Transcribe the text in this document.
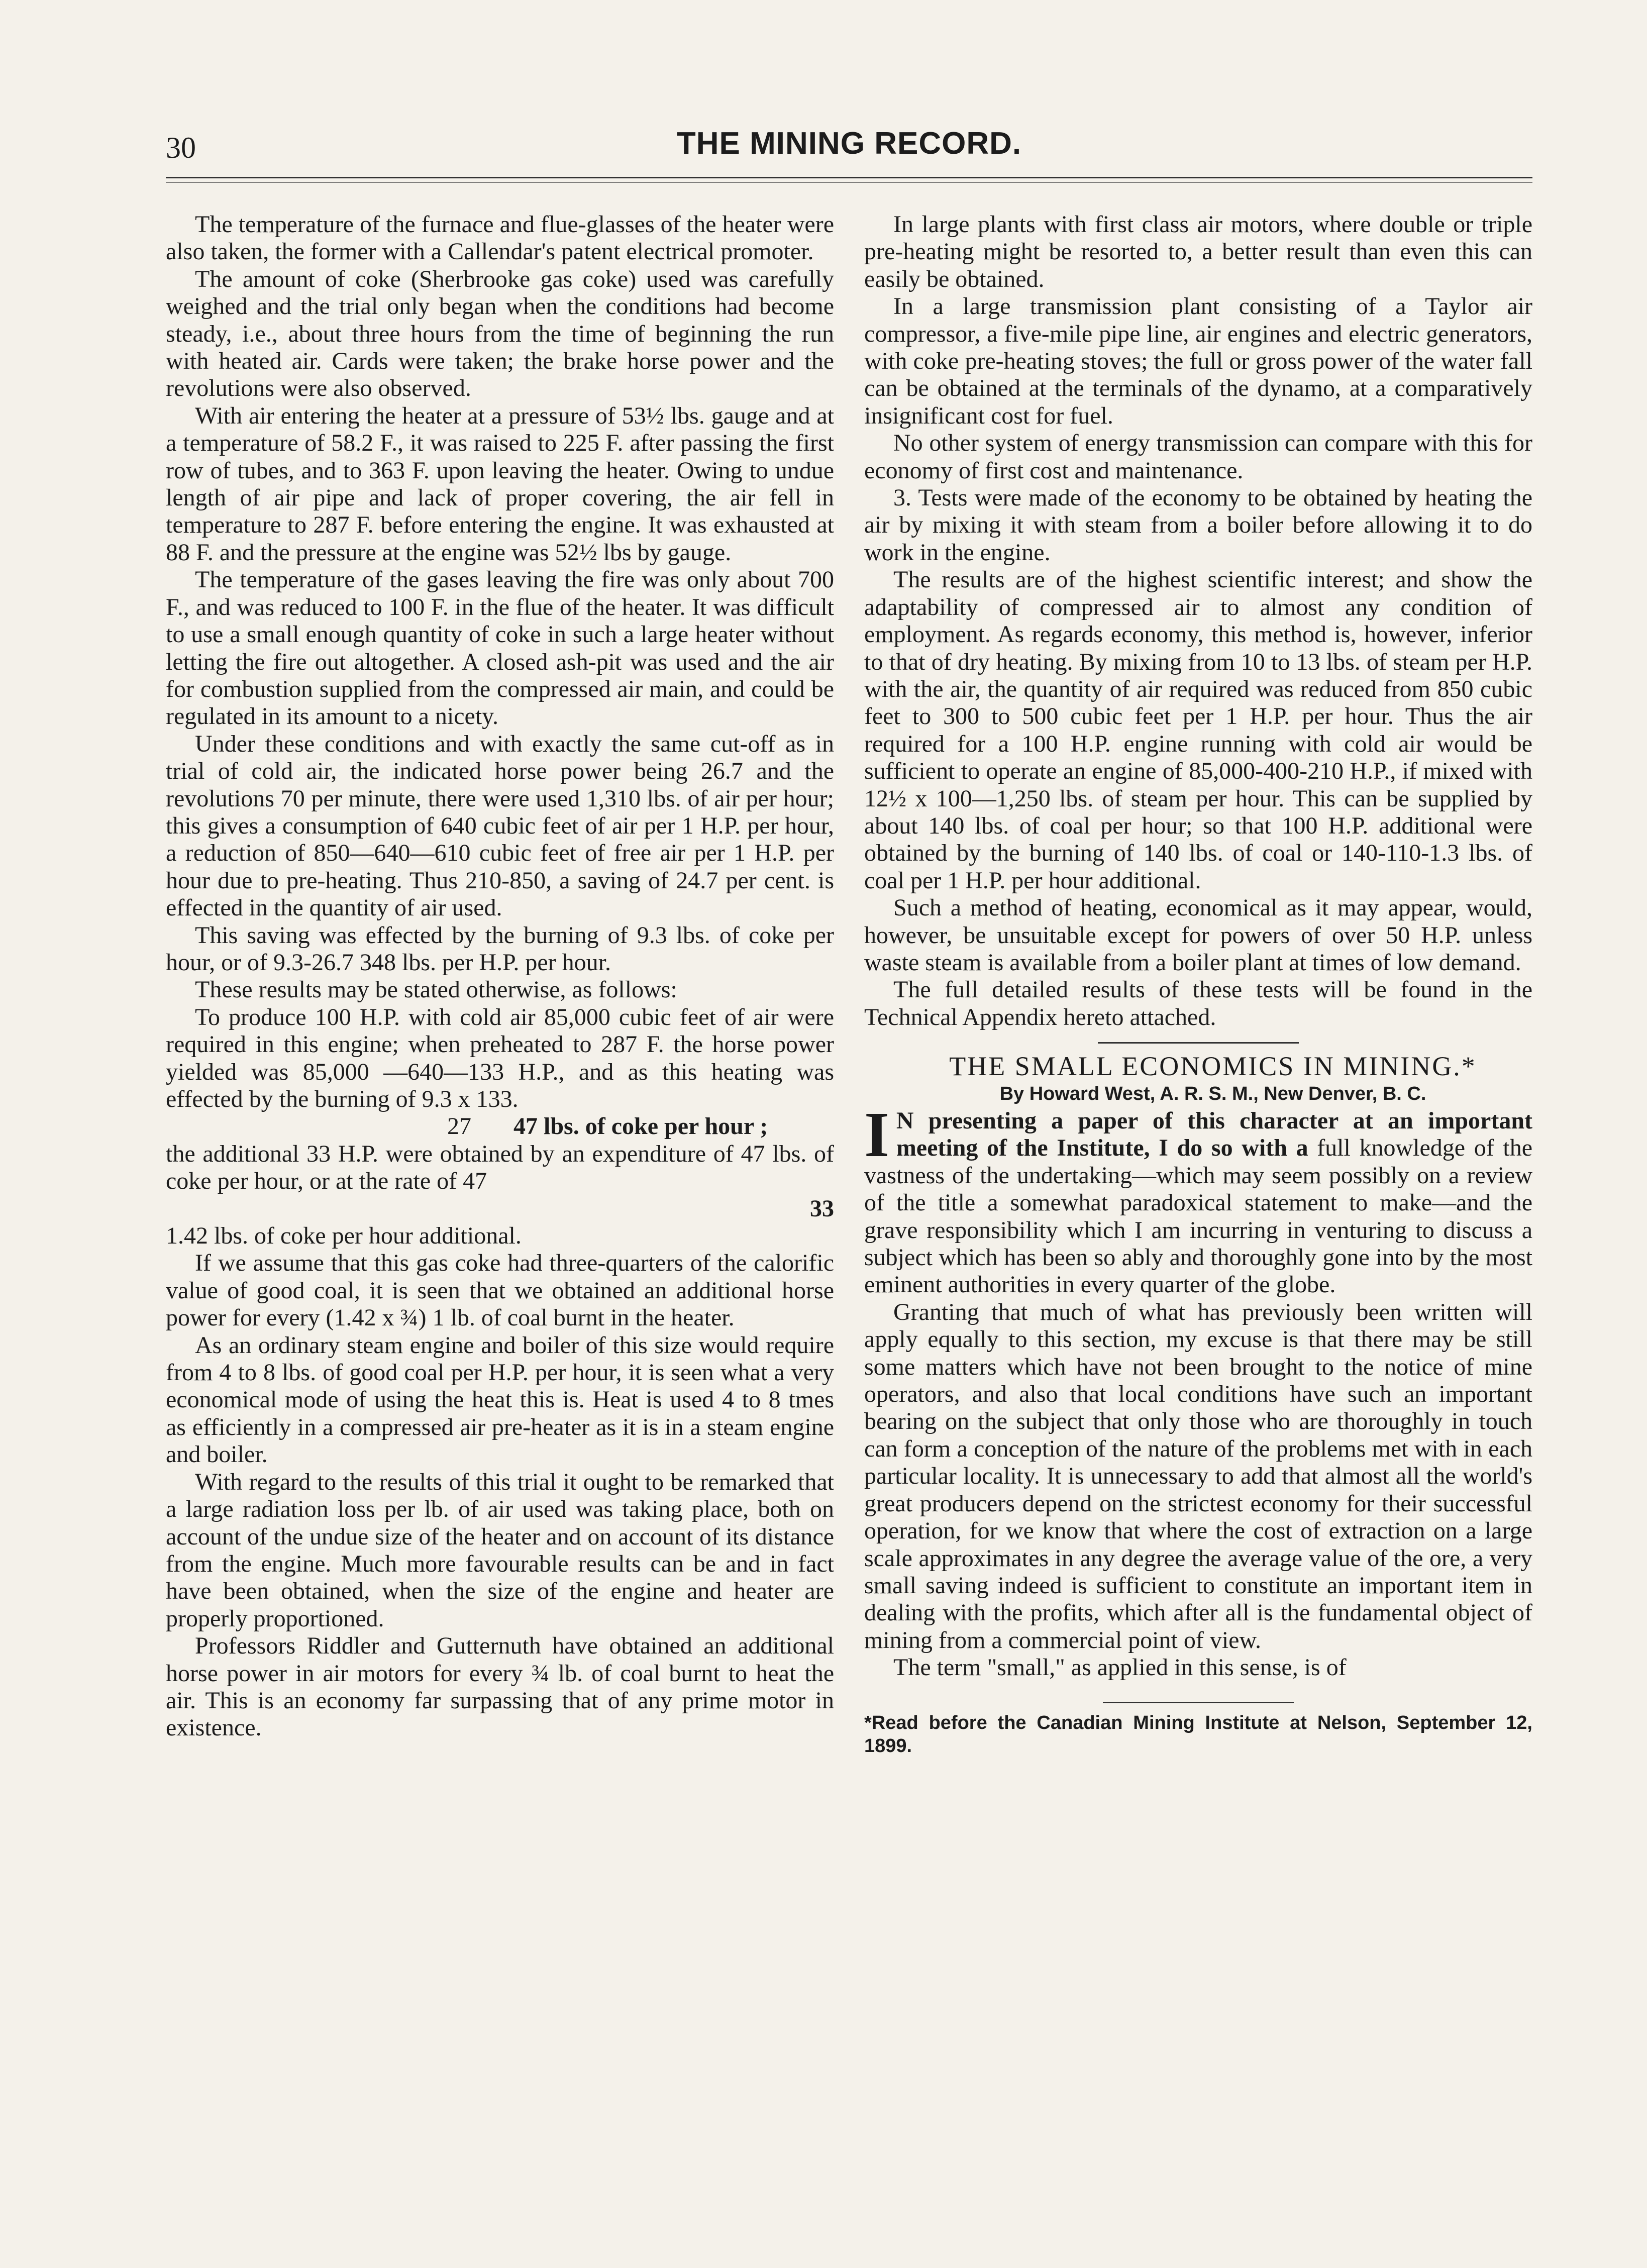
30	THE MINING RECORD.

The temperature of the furnace and flue-glasses of the heater were also taken, the former with a Callendar's patent electrical promoter.

The amount of coke (Sherbrooke gas coke) used was carefully weighed and the trial only began when the conditions had become steady, i.e., about three hours from the time of beginning the run with heated air. Cards were taken; the brake horse power and the revolutions were also observed.

With air entering the heater at a pressure of 53½ lbs. gauge and at a temperature of 58.2 F., it was raised to 225 F. after passing the first row of tubes, and to 363 F. upon leaving the heater. Owing to undue length of air pipe and lack of proper covering, the air fell in temperature to 287 F. before entering the engine. It was exhausted at 88 F. and the pressure at the engine was 52½ lbs by gauge.

The temperature of the gases leaving the fire was only about 700 F., and was reduced to 100 F. in the flue of the heater. It was difficult to use a small enough quantity of coke in such a large heater without letting the fire out altogether. A closed ash-pit was used and the air for combustion supplied from the compressed air main, and could be regulated in its amount to a nicety.

Under these conditions and with exactly the same cut-off as in trial of cold air, the indicated horse power being 26.7 and the revolutions 70 per minute, there were used 1,310 lbs. of air per hour; this gives a consumption of 640 cubic feet of air per 1 H.P. per hour, a reduction of 850—640—610 cubic feet of free air per 1 H.P. per hour due to pre-heating. Thus 210-850, a saving of 24.7 per cent. is effected in the quantity of air used.

This saving was effected by the burning of 9.3 lbs. of coke per hour, or of 9.3-26.7 348 lbs. per H.P. per hour.

These results may be stated otherwise, as follows:

To produce 100 H.P. with cold air 85,000 cubic feet of air were required in this engine; when preheated to 287 F. the horse power yielded was 85,000 —640—133 H.P., and as this heating was effected by the burning of 9.3 x 133.

27 47 lbs. of coke per hour ;

the additional 33 H.P. were obtained by an expenditure of 47 lbs. of coke per hour, or at the rate of 47

33

1.42 lbs. of coke per hour additional.

If we assume that this gas coke had three-quarters of the calorific value of good coal, it is seen that we obtained an additional horse power for every (1.42 x ¾) 1 lb. of coal burnt in the heater.

As an ordinary steam engine and boiler of this size would require from 4 to 8 lbs. of good coal per H.P. per hour, it is seen what a very economical mode of using the heat this is. Heat is used 4 to 8 tmes as efficiently in a compressed air pre-heater as it is in a steam engine and boiler.

With regard to the results of this trial it ought to be remarked that a large radiation loss per lb. of air used was taking place, both on account of the undue size of the heater and on account of its distance from the engine. Much more favourable results can be and in fact have been obtained, when the size of the engine and heater are properly proportioned.

Professors Riddler and Gutternuth have obtained an additional horse power in air motors for every ¾ lb. of coal burnt to heat the air. This is an economy far surpassing that of any prime motor in existence.

In large plants with first class air motors, where double or triple pre-heating might be resorted to, a better result than even this can easily be obtained.

In a large transmission plant consisting of a Taylor air compressor, a five-mile pipe line, air engines and electric generators, with coke pre-heating stoves; the full or gross power of the water fall can be obtained at the terminals of the dynamo, at a comparatively insignificant cost for fuel.

No other system of energy transmission can compare with this for economy of first cost and maintenance.

3. Tests were made of the economy to be obtained by heating the air by mixing it with steam from a boiler before allowing it to do work in the engine.

The results are of the highest scientific interest; and show the adaptability of compressed air to almost any condition of employment. As regards economy, this method is, however, inferior to that of dry heating. By mixing from 10 to 13 lbs. of steam per H.P. with the air, the quantity of air required was reduced from 850 cubic feet to 300 to 500 cubic feet per 1 H.P. per hour. Thus the air required for a 100 H.P. engine running with cold air would be sufficient to operate an engine of 85,000-400-210 H.P., if mixed with 12½ x 100—1,250 lbs. of steam per hour. This can be supplied by about 140 lbs. of coal per hour; so that 100 H.P. additional were obtained by the burning of 140 lbs. of coal or 140-110-1.3 lbs. of coal per 1 H.P. per hour additional.

Such a method of heating, economical as it may appear, would, however, be unsuitable except for powers of over 50 H.P. unless waste steam is available from a boiler plant at times of low demand.

The full detailed results of these tests will be found in the Technical Appendix hereto attached.

THE SMALL ECONOMICS IN MINING.*

By Howard West, A. R. S. M., New Denver, B. C.

IN presenting a paper of this character at an important meeting of the Institute, I do so with a full knowledge of the vastness of the undertaking—which may seem possibly on a review of the title a somewhat paradoxical statement to make—and the grave responsibility which I am incurring in venturing to discuss a subject which has been so ably and thoroughly gone into by the most eminent authorities in every quarter of the globe.

Granting that much of what has previously been written will apply equally to this section, my excuse is that there may be still some matters which have not been brought to the notice of mine operators, and also that local conditions have such an important bearing on the subject that only those who are thoroughly in touch can form a conception of the nature of the problems met with in each particular locality. It is unnecessary to add that almost all the world's great producers depend on the strictest economy for their successful operation, for we know that where the cost of extraction on a large scale approximates in any degree the average value of the ore, a very small saving indeed is sufficient to constitute an important item in dealing with the profits, which after all is the fundamental object of mining from a commercial point of view.

The term "small," as applied in this sense, is of

*Read before the Canadian Mining Institute at Nelson, September 12, 1899.
